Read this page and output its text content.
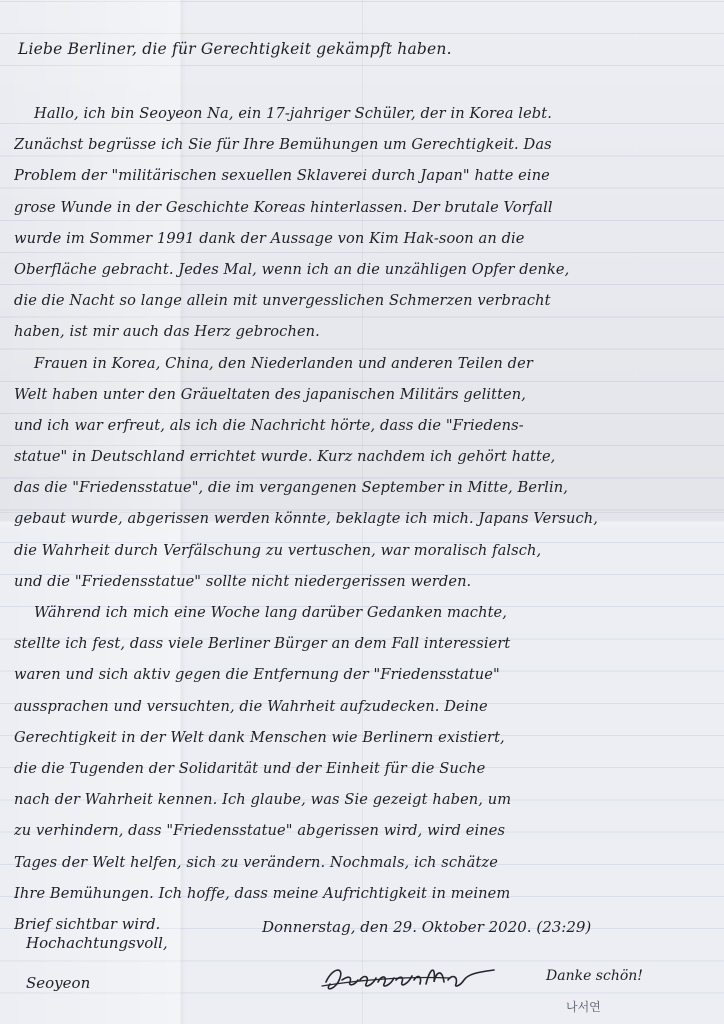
Liebe Berliner, die für Gerechtigkeit gekämpft haben.
Hallo, ich bin Seoyeon Na, ein 17-jahriger Schüler, der in Korea lebt.
Zunächst begrüsse ich Sie für Ihre Bemühungen um Gerechtigkeit. Das
Problem der "militärischen sexuellen Sklaverei durch Japan" hatte eine
grose Wunde in der Geschichte Koreas hinterlassen. Der brutale Vorfall
wurde im Sommer 1991 dank der Aussage von Kim Hak-soon an die
Oberfläche gebracht. Jedes Mal, wenn ich an die unzähligen Opfer denke,
die die Nacht so lange allein mit unvergesslichen Schmerzen verbracht
haben, ist mir auch das Herz gebrochen.
Frauen in Korea, China, den Niederlanden und anderen Teilen der
Welt haben unter den Gräueltaten des japanischen Militärs gelitten,
und ich war erfreut, als ich die Nachricht hörte, dass die "Friedens-
statue" in Deutschland errichtet wurde. Kurz nachdem ich gehört hatte,
das die "Friedensstatue", die im vergangenen September in Mitte, Berlin,
gebaut wurde, abgerissen werden könnte, beklagte ich mich. Japans Versuch,
die Wahrheit durch Verfälschung zu vertuschen, war moralisch falsch,
und die "Friedensstatue" sollte nicht niedergerissen werden.
Während ich mich eine Woche lang darüber Gedanken machte,
stellte ich fest, dass viele Berliner Bürger an dem Fall interessiert
waren und sich aktiv gegen die Entfernung der "Friedensstatue"
aussprachen und versuchten, die Wahrheit aufzudecken. Deine
Gerechtigkeit in der Welt dank Menschen wie Berlinern existiert,
die die Tugenden der Solidarität und der Einheit für die Suche
nach der Wahrheit kennen. Ich glaube, was Sie gezeigt haben, um
zu verhindern, dass "Friedensstatue" abgerissen wird, wird eines
Tages der Welt helfen, sich zu verändern. Nochmals, ich schätze
Ihre Bemühungen. Ich hoffe, dass meine Aufrichtigkeit in meinem
Brief sichtbar wird.	Donnerstag, den 29. Oktober 2020. (23:29)
Hochachtungsvoll,
Seoyeon	Danke schön!
나서연
